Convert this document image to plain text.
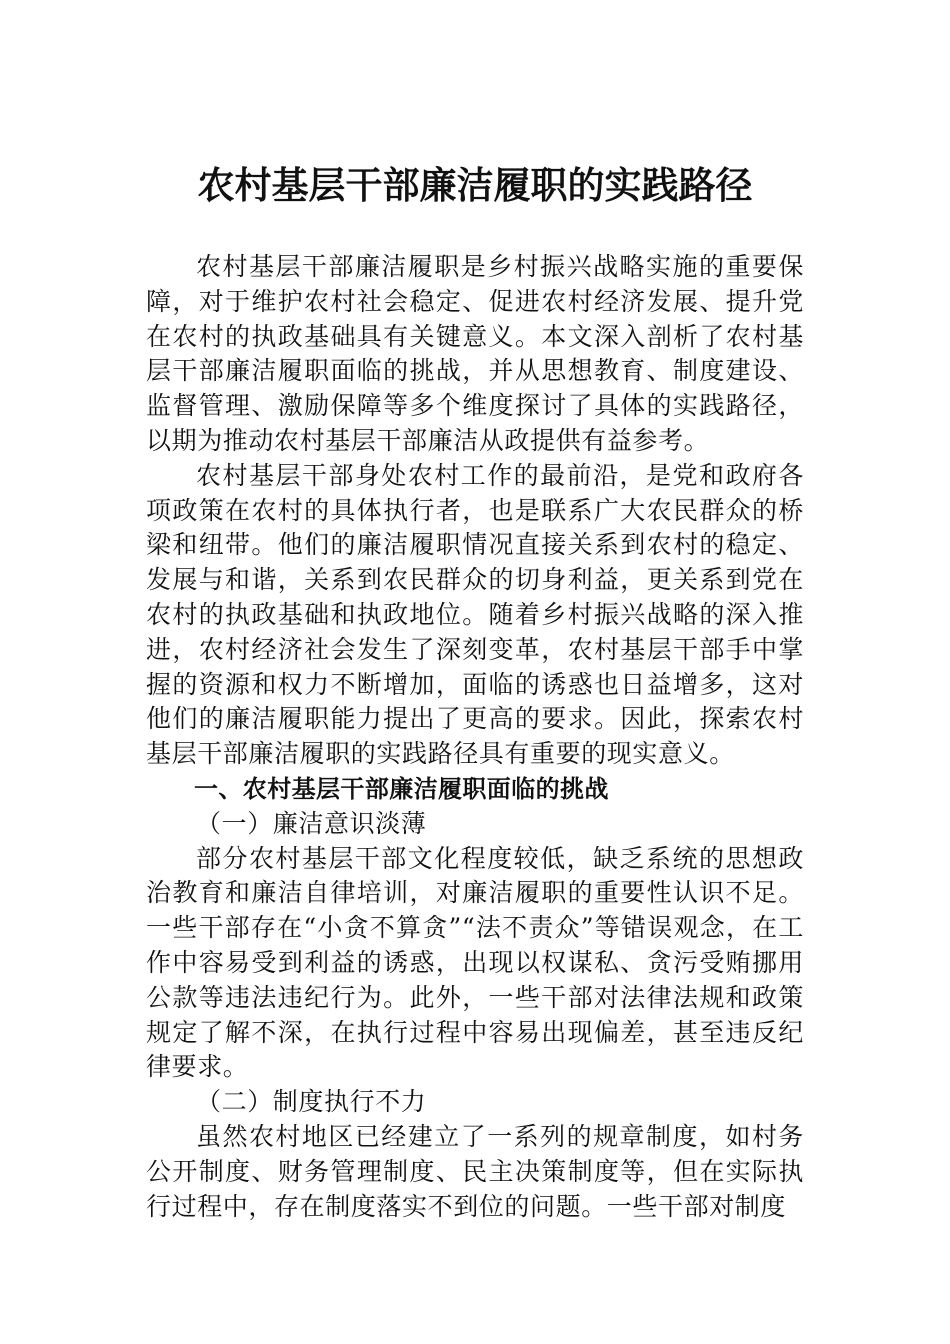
农村基层干部廉洁履职的实践路径

农村基层干部廉洁履职是乡村振兴战略实施的重要保障，对于维护农村社会稳定、促进农村经济发展、提升党在农村的执政基础具有关键意义。本文深入剖析了农村基层干部廉洁履职面临的挑战，并从思想教育、制度建设、监督管理、激励保障等多个维度探讨了具体的实践路径，以期为推动农村基层干部廉洁从政提供有益参考。

农村基层干部身处农村工作的最前沿，是党和政府各项政策在农村的具体执行者，也是联系广大农民群众的桥梁和纽带。他们的廉洁履职情况直接关系到农村的稳定、发展与和谐，关系到农民群众的切身利益，更关系到党在农村的执政基础和执政地位。随着乡村振兴战略的深入推进，农村经济社会发生了深刻变革，农村基层干部手中掌握的资源和权力不断增加，面临的诱惑也日益增多，这对他们的廉洁履职能力提出了更高的要求。因此，探索农村基层干部廉洁履职的实践路径具有重要的现实意义。

一、农村基层干部廉洁履职面临的挑战

（一）廉洁意识淡薄

部分农村基层干部文化程度较低，缺乏系统的思想政治教育和廉洁自律培训，对廉洁履职的重要性认识不足。一些干部存在“小贪不算贪”“法不责众”等错误观念，在工作中容易受到利益的诱惑，出现以权谋私、贪污受贿挪用公款等违法违纪行为。此外，一些干部对法律法规和政策规定了解不深，在执行过程中容易出现偏差，甚至违反纪律要求。

（二）制度执行不力

虽然农村地区已经建立了一系列的规章制度，如村务公开制度、财务管理制度、民主决策制度等，但在实际执行过程中，存在制度落实不到位的问题。一些干部对制度
